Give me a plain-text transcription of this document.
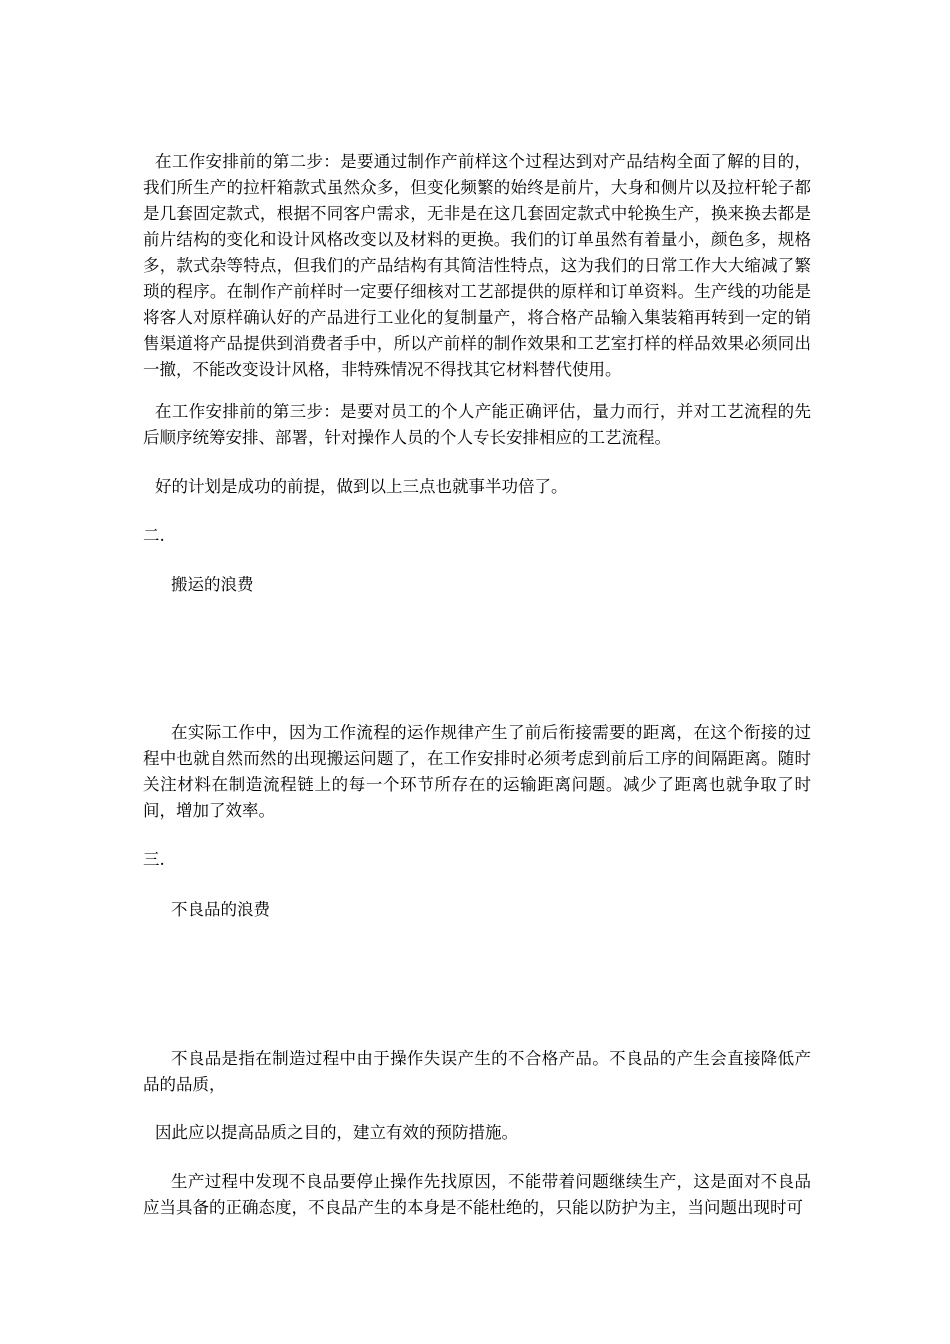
在工作安排前的第二步：是要通过制作产前样这个过程达到对产品结构全面了解的目的，我们所生产的拉杆箱款式虽然众多，但变化频繁的始终是前片，大身和侧片以及拉杆轮子都是几套固定款式，根据不同客户需求，无非是在这几套固定款式中轮换生产，换来换去都是前片结构的变化和设计风格改变以及材料的更换。我们的订单虽然有着量小，颜色多，规格多，款式杂等特点，但我们的产品结构有其简洁性特点，这为我们的日常工作大大缩减了繁琐的程序。在制作产前样时一定要仔细核对工艺部提供的原样和订单资料。生产线的功能是将客人对原样确认好的产品进行工业化的复制量产，将合格产品输入集装箱再转到一定的销售渠道将产品提供到消费者手中，所以产前样的制作效果和工艺室打样的样品效果必须同出一撤，不能改变设计风格，非特殊情况不得找其它材料替代使用。

在工作安排前的第三步：是要对员工的个人产能正确评估，量力而行，并对工艺流程的先后顺序统筹安排、部署，针对操作人员的个人专长安排相应的工艺流程。

好的计划是成功的前提，做到以上三点也就事半功倍了。

二.

搬运的浪费

在实际工作中，因为工作流程的运作规律产生了前后衔接需要的距离，在这个衔接的过程中也就自然而然的出现搬运问题了，在工作安排时必须考虑到前后工序的间隔距离。随时关注材料在制造流程链上的每一个环节所存在的运输距离问题。减少了距离也就争取了时间，增加了效率。

三.

不良品的浪费

不良品是指在制造过程中由于操作失误产生的不合格产品。不良品的产生会直接降低产品的品质，

因此应以提高品质之目的，建立有效的预防措施。

生产过程中发现不良品要停止操作先找原因，不能带着问题继续生产，这是面对不良品应当具备的正确态度，不良品产生的本身是不能杜绝的，只能以防护为主，当问题出现时可
